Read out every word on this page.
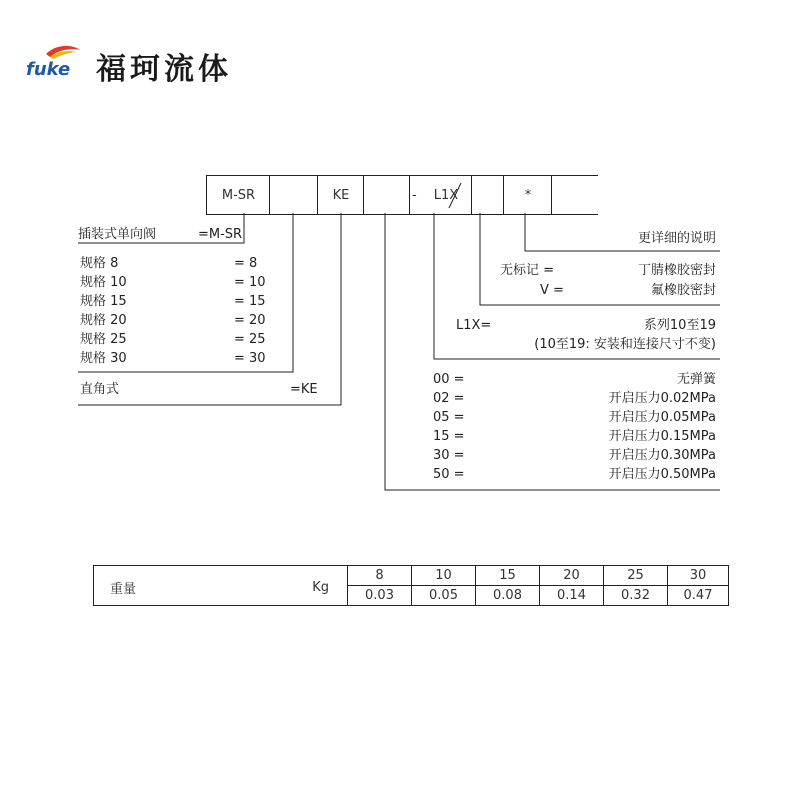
fuke 福珂流体
M-SR	KE	- L1X	*
插装式单向阀	=M-SR
规格 8	= 8
规格 10	= 10
规格 15	= 15
规格 20	= 20
规格 25	= 25
规格 30	= 30
直角式	=KE
更详细的说明
无标记 =	丁腈橡胶密封
V =	氟橡胶密封
L1X=	系列10至19
(10至19: 安装和连接尺寸不变)
00 =	无弹簧
02 =	开启压力0.02MPa
05 =	开启压力0.05MPa
15 =	开启压力0.15MPa
30 =	开启压力0.30MPa
50 =	开启压力0.50MPa
重量 Kg	8	10	15	20	25	30
	0.03	0.05	0.08	0.14	0.32	0.47
